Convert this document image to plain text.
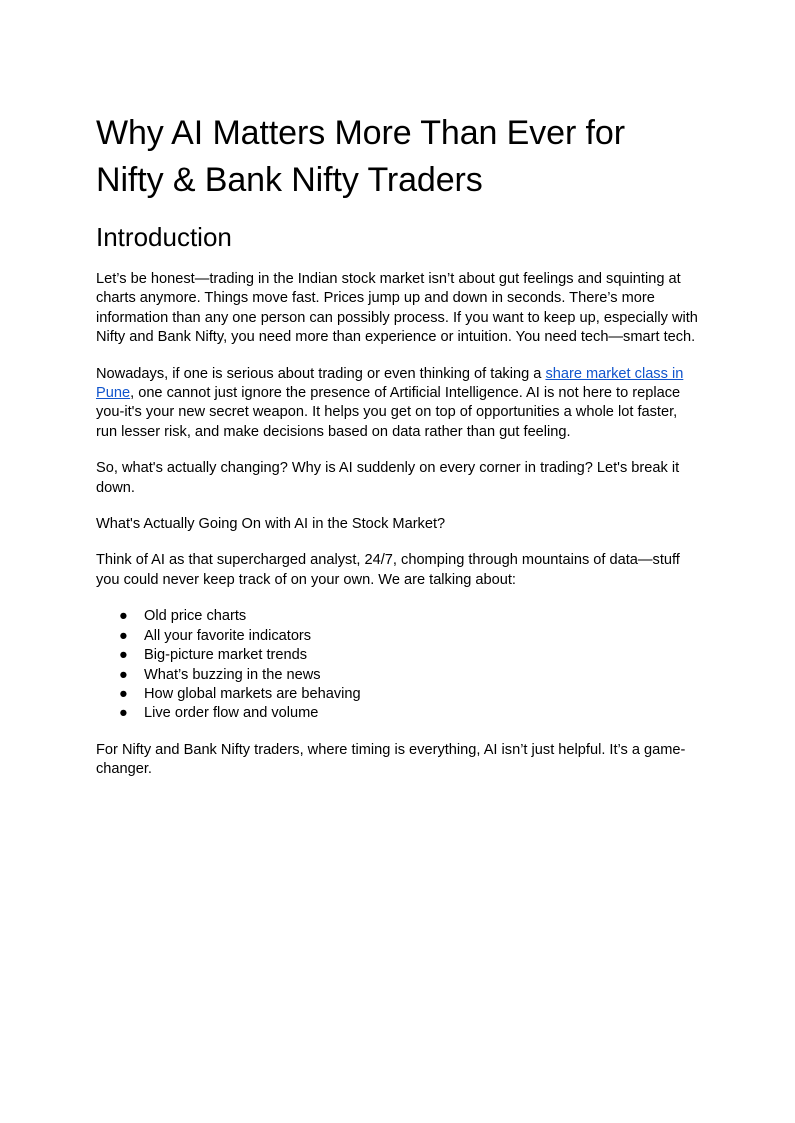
Why AI Matters More Than Ever for Nifty & Bank Nifty Traders
Introduction

Let’s be honest—trading in the Indian stock market isn’t about gut feelings and squinting at charts anymore. Things move fast. Prices jump up and down in seconds. There’s more information than any one person can possibly process. If you want to keep up, especially with Nifty and Bank Nifty, you need more than experience or intuition. You need tech—smart tech.

Nowadays, if one is serious about trading or even thinking of taking a share market class in Pune, one cannot just ignore the presence of Artificial Intelligence. AI is not here to replace you-it's your new secret weapon. It helps you get on top of opportunities a whole lot faster, run lesser risk, and make decisions based on data rather than gut feeling.

So, what's actually changing? Why is AI suddenly on every corner in trading? Let's break it down.

What's Actually Going On with AI in the Stock Market?

Think of AI as that supercharged analyst, 24/7, chomping through mountains of data—stuff you could never keep track of on your own. We are talking about:

● Old price charts
● All your favorite indicators
● Big-picture market trends
● What’s buzzing in the news
● How global markets are behaving
● Live order flow and volume

For Nifty and Bank Nifty traders, where timing is everything, AI isn’t just helpful. It’s a game-changer.
